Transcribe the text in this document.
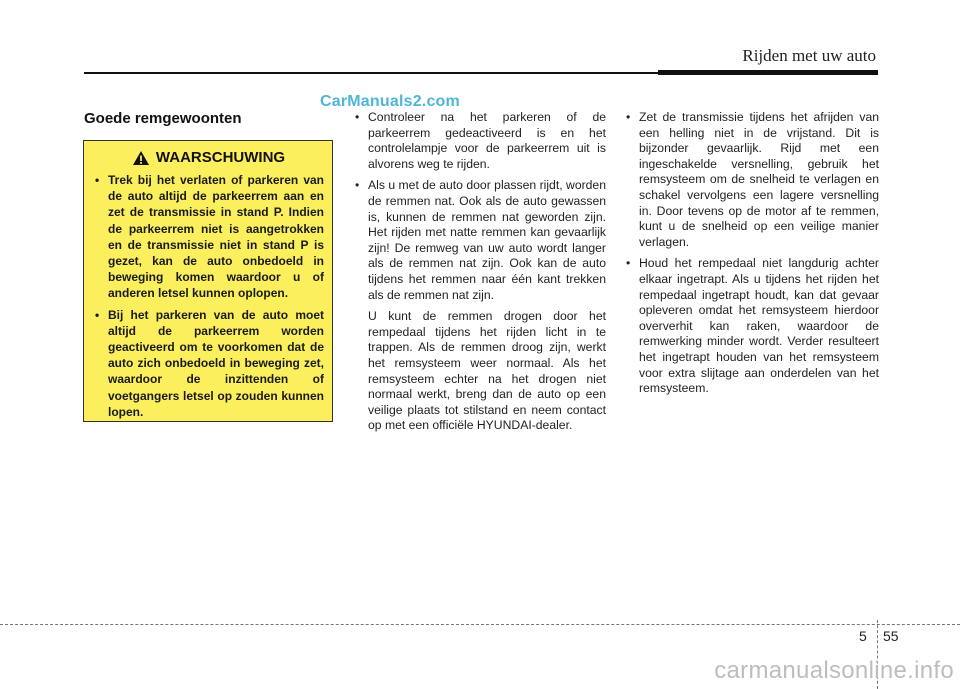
Rijden met uw auto
CarManuals2.com
Goede remgewoonten
WAARSCHUWING
• Trek bij het verlaten of parkeren van de auto altijd de parkeerrem aan en zet de transmissie in stand P. Indien de parkeerrem niet is aangetrokken en de transmissie niet in stand P is gezet, kan de auto onbedoeld in beweging komen waardoor u of anderen letsel kunnen oplopen.
• Bij het parkeren van de auto moet altijd de parkeerrem worden geactiveerd om te voorkomen dat de auto zich onbedoeld in beweging zet, waardoor de inzittenden of voetgangers letsel op zouden kunnen lopen.

• Controleer na het parkeren of de parkeerrem gedeactiveerd is en het controlelampje voor de parkeerrem uit is alvorens weg te rijden.

• Als u met de auto door plassen rijdt, worden de remmen nat. Ook als de auto gewassen is, kunnen de remmen nat geworden zijn. Het rijden met natte remmen kan gevaarlijk zijn! De remweg van uw auto wordt langer als de remmen nat zijn. Ook kan de auto tijdens het remmen naar één kant trekken als de remmen nat zijn.

U kunt de remmen drogen door het rempedaal tijdens het rijden licht in te trappen. Als de remmen droog zijn, werkt het remsysteem weer normaal. Als het remsysteem echter na het drogen niet normaal werkt, breng dan de auto op een veilige plaats tot stilstand en neem contact op met een officiële HYUNDAI-dealer.

• Zet de transmissie tijdens het afrijden van een helling niet in de vrijstand. Dit is bijzonder gevaarlijk. Rijd met een ingeschakelde versnelling, gebruik het remsysteem om de snelheid te verlagen en schakel vervolgens een lagere versnelling in. Door tevens op de motor af te remmen, kunt u de snelheid op een veilige manier verlagen.

• Houd het rempedaal niet langdurig achter elkaar ingetrapt. Als u tijdens het rijden het rempedaal ingetrapt houdt, kan dat gevaar opleveren omdat het remsysteem hierdoor oververhit kan raken, waardoor de remwerking minder wordt. Verder resulteert het ingetrapt houden van het remsysteem voor extra slijtage aan onderdelen van het remsysteem.

5 55
carmanualsonline.info
